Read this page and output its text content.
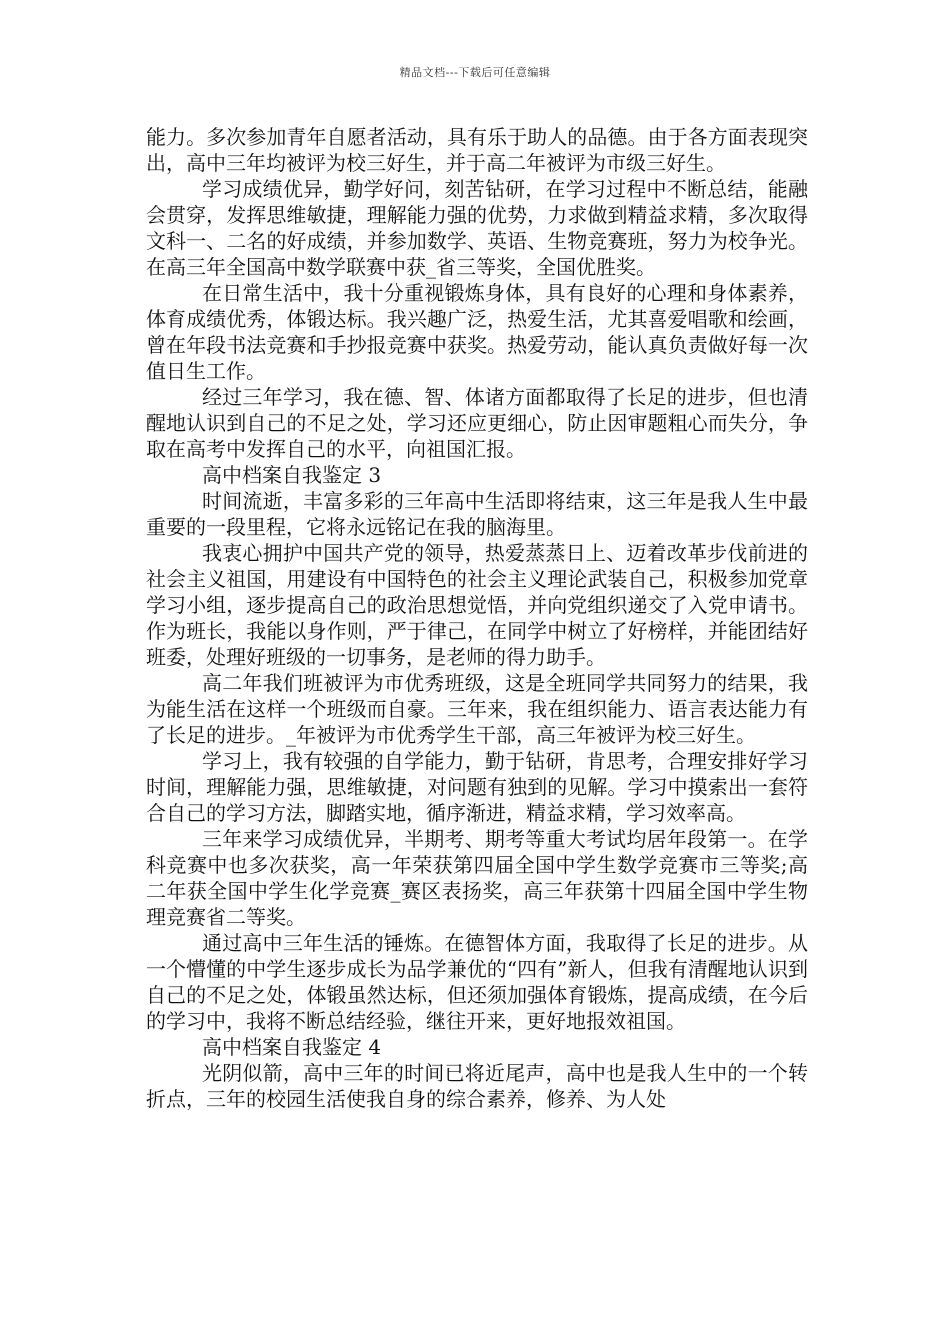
精品文档---下载后可任意编辑

能力。多次参加青年自愿者活动，具有乐于助人的品德。由于各方面表现突出，高中三年均被评为校三好生，并于高二年被评为市级三好生。

学习成绩优异，勤学好问，刻苦钻研，在学习过程中不断总结，能融会贯穿，发挥思维敏捷，理解能力强的优势，力求做到精益求精，多次取得文科一、二名的好成绩，并参加数学、英语、生物竞赛班，努力为校争光。在高三年全国高中数学联赛中获_省三等奖，全国优胜奖。

在日常生活中，我十分重视锻炼身体，具有良好的心理和身体素养，体育成绩优秀，体锻达标。我兴趣广泛，热爱生活，尤其喜爱唱歌和绘画，曾在年段书法竞赛和手抄报竞赛中获奖。热爱劳动，能认真负责做好每一次值日生工作。

经过三年学习，我在德、智、体诸方面都取得了长足的进步，但也清醒地认识到自己的不足之处，学习还应更细心，防止因审题粗心而失分，争取在高考中发挥自己的水平，向祖国汇报。

高中档案自我鉴定 3

时间流逝，丰富多彩的三年高中生活即将结束，这三年是我人生中最重要的一段里程，它将永远铭记在我的脑海里。

我衷心拥护中国共产党的领导，热爱蒸蒸日上、迈着改革步伐前进的社会主义祖国，用建设有中国特色的社会主义理论武装自己，积极参加党章学习小组，逐步提高自己的政治思想觉悟，并向党组织递交了入党申请书。作为班长，我能以身作则，严于律己，在同学中树立了好榜样，并能团结好班委，处理好班级的一切事务，是老师的得力助手。

高二年我们班被评为市优秀班级，这是全班同学共同努力的结果，我为能生活在这样一个班级而自豪。三年来，我在组织能力、语言表达能力有了长足的进步。_年被评为市优秀学生干部，高三年被评为校三好生。

学习上，我有较强的自学能力，勤于钻研，肯思考，合理安排好学习时间，理解能力强，思维敏捷，对问题有独到的见解。学习中摸索出一套符合自己的学习方法，脚踏实地，循序渐进，精益求精，学习效率高。

三年来学习成绩优异，半期考、期考等重大考试均居年段第一。在学科竞赛中也多次获奖，高一年荣获第四届全国中学生数学竞赛市三等奖;高二年获全国中学生化学竞赛_赛区表扬奖，高三年获第十四届全国中学生物理竞赛省二等奖。

通过高中三年生活的锤炼。在德智体方面，我取得了长足的进步。从一个懵懂的中学生逐步成长为品学兼优的“四有”新人，但我有清醒地认识到自己的不足之处，体锻虽然达标，但还须加强体育锻炼，提高成绩，在今后的学习中，我将不断总结经验，继往开来，更好地报效祖国。

高中档案自我鉴定 4

光阴似箭，高中三年的时间已将近尾声，高中也是我人生中的一个转折点，三年的校园生活使我自身的综合素养，修养、为人处
